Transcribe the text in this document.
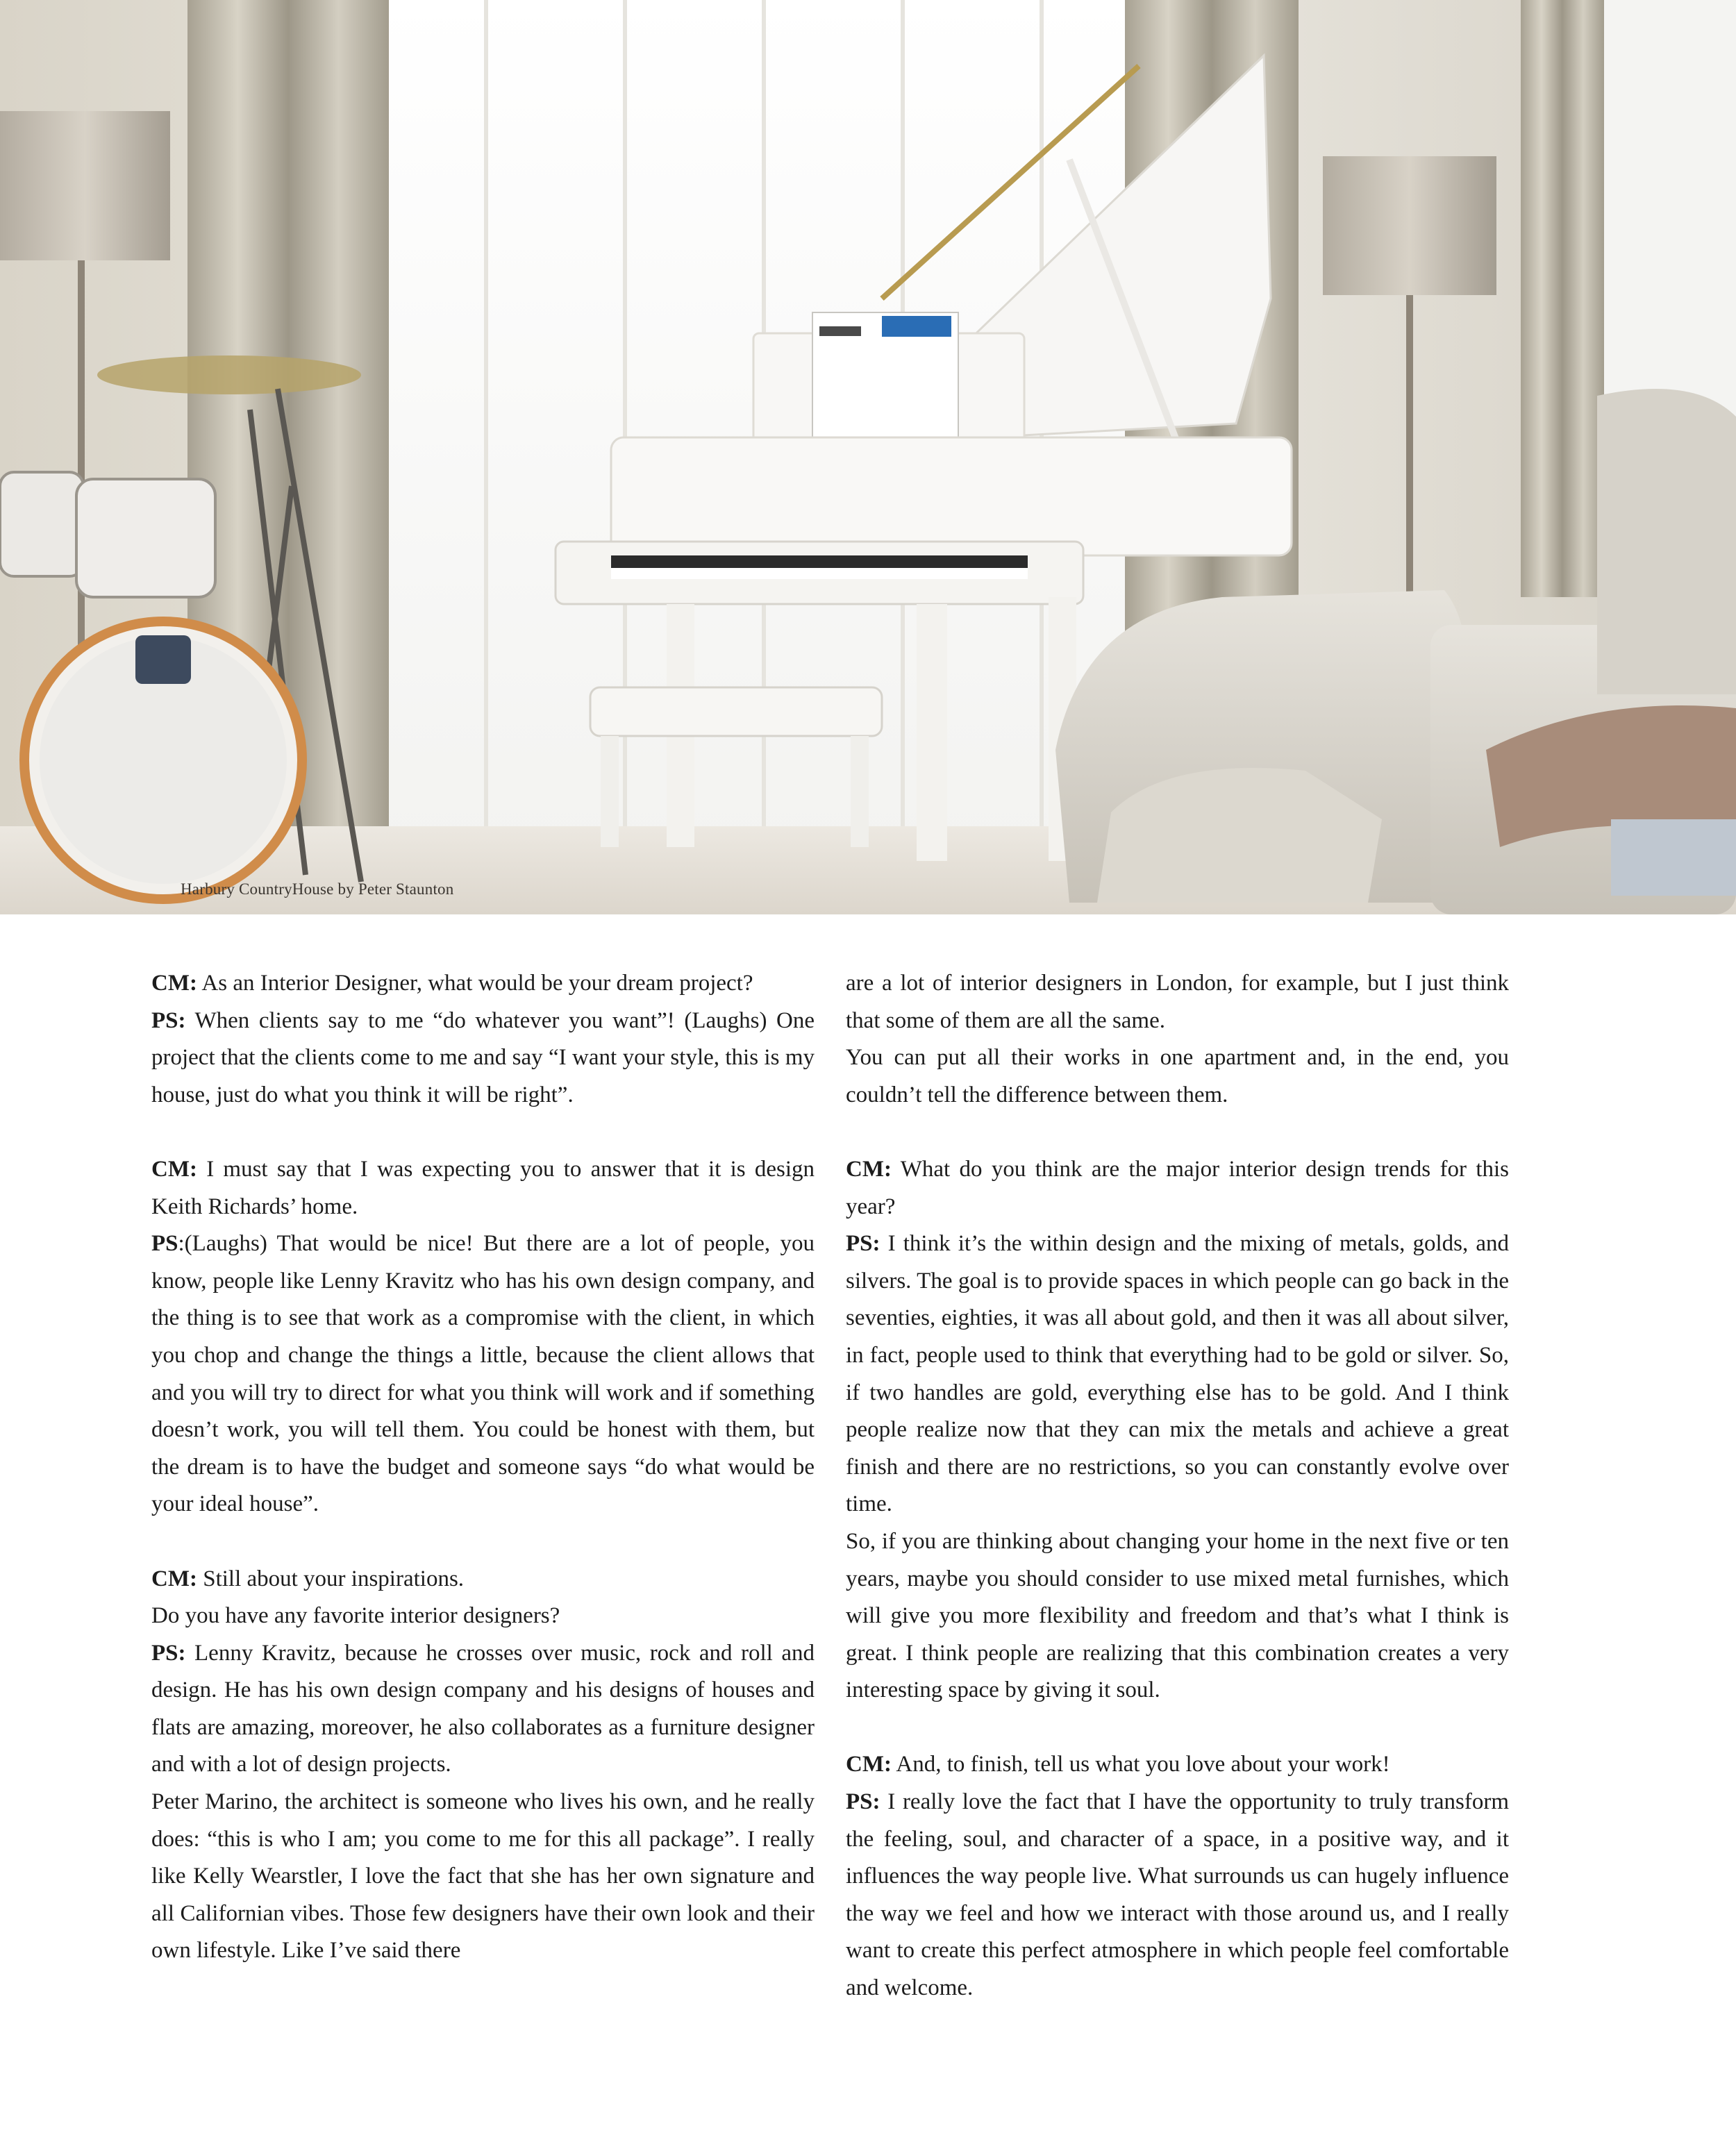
Harbury CountryHouse by Peter Staunton

CM: As an Interior Designer, what would be your dream project?

PS: When clients say to me “do whatever you want”! (Laughs) One project that the clients come to me and say “I want your style, this is my house, just do what you think it will be right”.

CM: I must say that I was expecting you to answer that it is design Keith Richards’ home.

PS:(Laughs) That would be nice! But there are a lot of people, you know, people like Lenny Kravitz who has his own design company, and the thing is to see that work as a compromise with the client, in which you chop and change the things a little, because the client allows that and you will try to direct for what you think will work and if something doesn’t work, you will tell them. You could be honest with them, but the dream is to have the budget and someone says “do what would be your ideal house”.

CM: Still about your inspirations.

Do you have any favorite interior designers?

PS: Lenny Kravitz, because he crosses over music, rock and roll and design. He has his own design company and his designs of houses and flats are amazing, moreover, he also collaborates as a furniture designer and with a lot of design projects.

Peter Marino, the architect is someone who lives his own, and he really does: “this is who I am; you come to me for this all package”. I really like Kelly Wearstler, I love the fact that she has her own signature and all Californian vibes. Those few designers have their own look and their own lifestyle. Like I’ve said there

are a lot of interior designers in London, for example, but I just think that some of them are all the same.

You can put all their works in one apartment and, in the end, you couldn’t tell the difference between them.

CM: What do you think are the major interior design trends for this year?

PS: I think it’s the within design and the mixing of metals, golds, and silvers. The goal is to provide spaces in which people can go back in the seventies, eighties, it was all about gold, and then it was all about silver, in fact, people used to think that everything had to be gold or silver. So, if two handles are gold, everything else has to be gold. And I think people realize now that they can mix the metals and achieve a great finish and there are no restrictions, so you can constantly evolve over time.

So, if you are thinking about changing your home in the next five or ten years, maybe you should consider to use mixed metal furnishes, which will give you more flexibility and freedom and that’s what I think is great. I think people are realizing that this combination creates a very interesting space by giving it soul.

CM: And, to finish, tell us what you love about your work!

PS: I really love the fact that I have the opportunity to truly transform the feeling, soul, and character of a space, in a positive way, and it influences the way people live. What surrounds us can hugely influence the way we feel and how we interact with those around us, and I really want to create this perfect atmosphere in which people feel comfortable and welcome.
